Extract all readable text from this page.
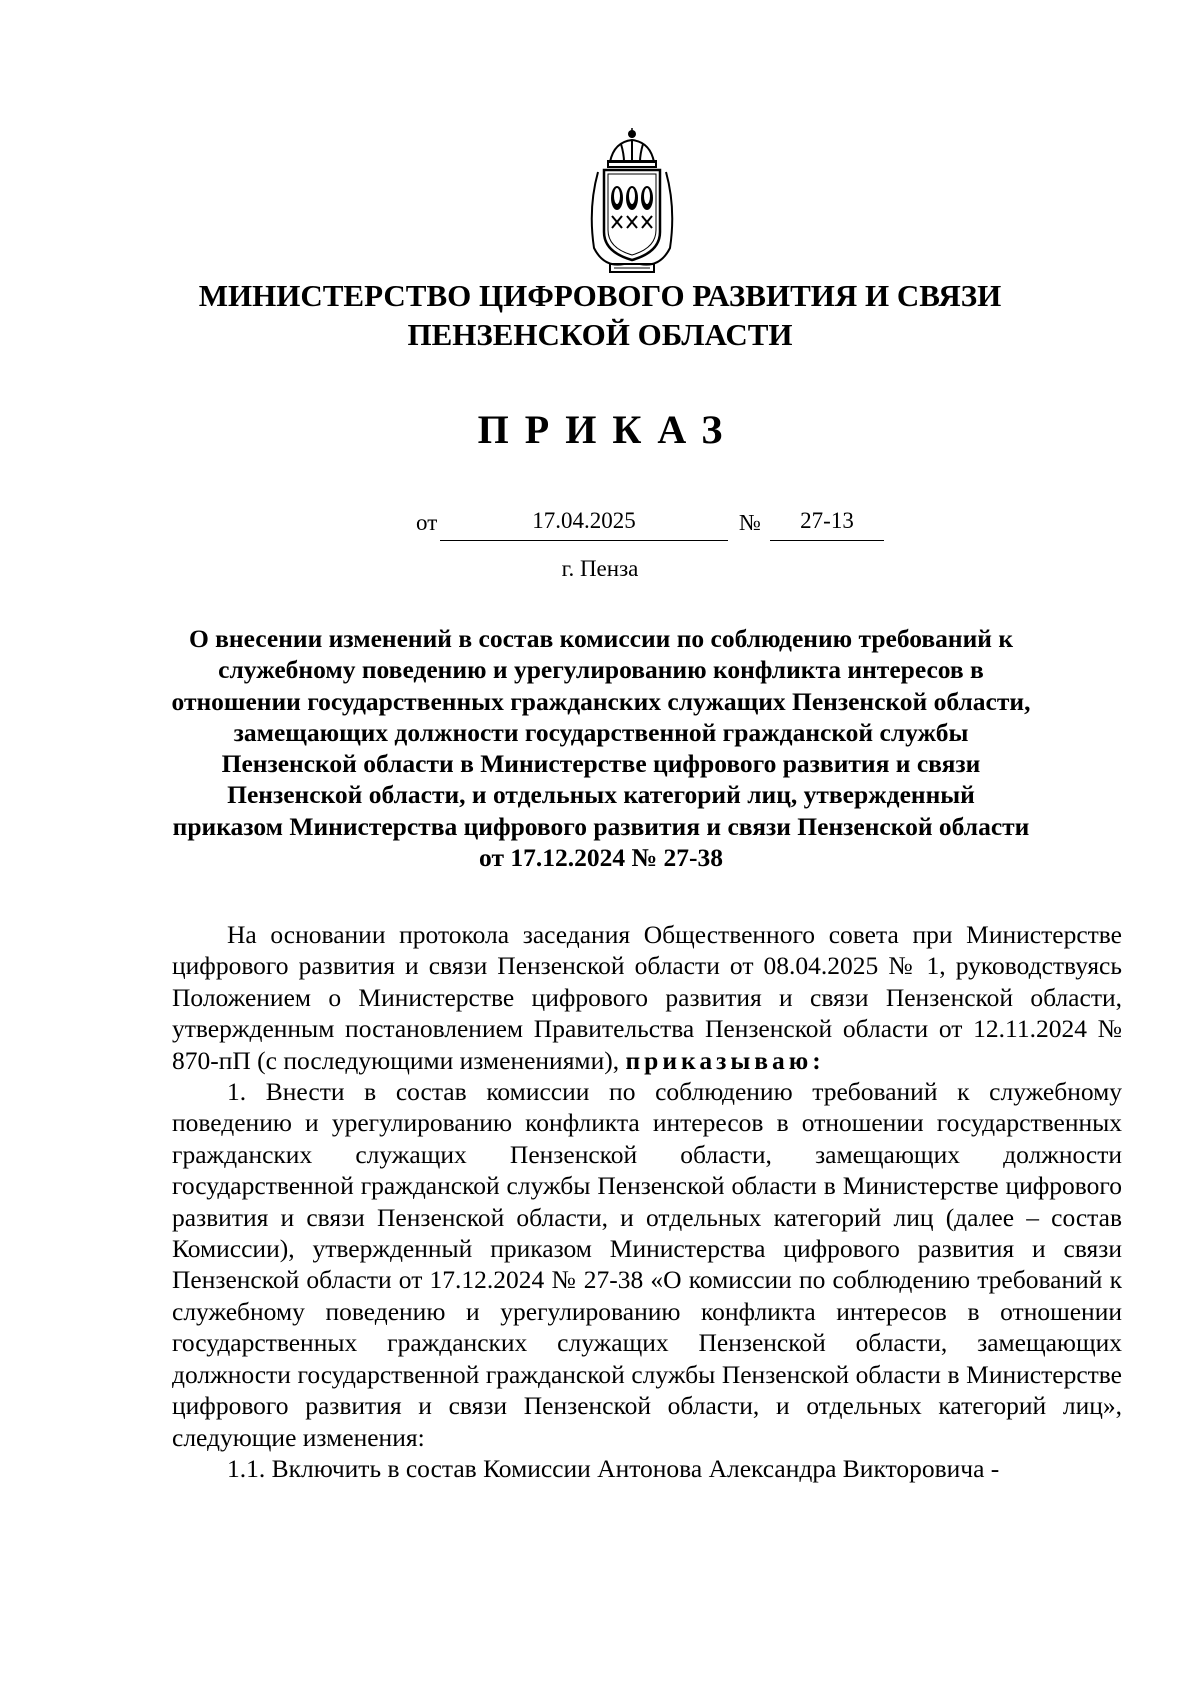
МИНИСТЕРСТВО ЦИФРОВОГО РАЗВИТИЯ И СВЯЗИ
ПЕНЗЕНСКОЙ ОБЛАСТИ
ПРИКАЗ
от	17.04.2025	№	27-13
г. Пенза
О внесении изменений в состав комиссии по соблюдению требований к служебному поведению и урегулированию конфликта интересов в отношении государственных гражданских служащих Пензенской области, замещающих должности государственной гражданской службы Пензенской области в Министерстве цифрового развития и связи Пензенской области, и отдельных категорий лиц, утвержденный приказом Министерства цифрового развития и связи Пензенской области от 17.12.2024 № 27-38

На основании протокола заседания Общественного совета при Министерстве цифрового развития и связи Пензенской области от 08.04.2025 № 1, руководствуясь Положением о Министерстве цифрового развития и связи Пензенской области, утвержденным постановлением Правительства Пензенской области от 12.11.2024 № 870-пП (с последующими изменениями), приказываю:

1. Внести в состав комиссии по соблюдению требований к служебному поведению и урегулированию конфликта интересов в отношении государственных гражданских служащих Пензенской области, замещающих должности государственной гражданской службы Пензенской области в Министерстве цифрового развития и связи Пензенской области, и отдельных категорий лиц (далее – состав Комиссии), утвержденный приказом Министерства цифрового развития и связи Пензенской области от 17.12.2024 № 27-38 «О комиссии по соблюдению требований к служебному поведению и урегулированию конфликта интересов в отношении государственных гражданских служащих Пензенской области, замещающих должности государственной гражданской службы Пензенской области в Министерстве цифрового развития и связи Пензенской области, и отдельных категорий лиц», следующие изменения:

1.1. Включить в состав Комиссии Антонова Александра Викторовича -
